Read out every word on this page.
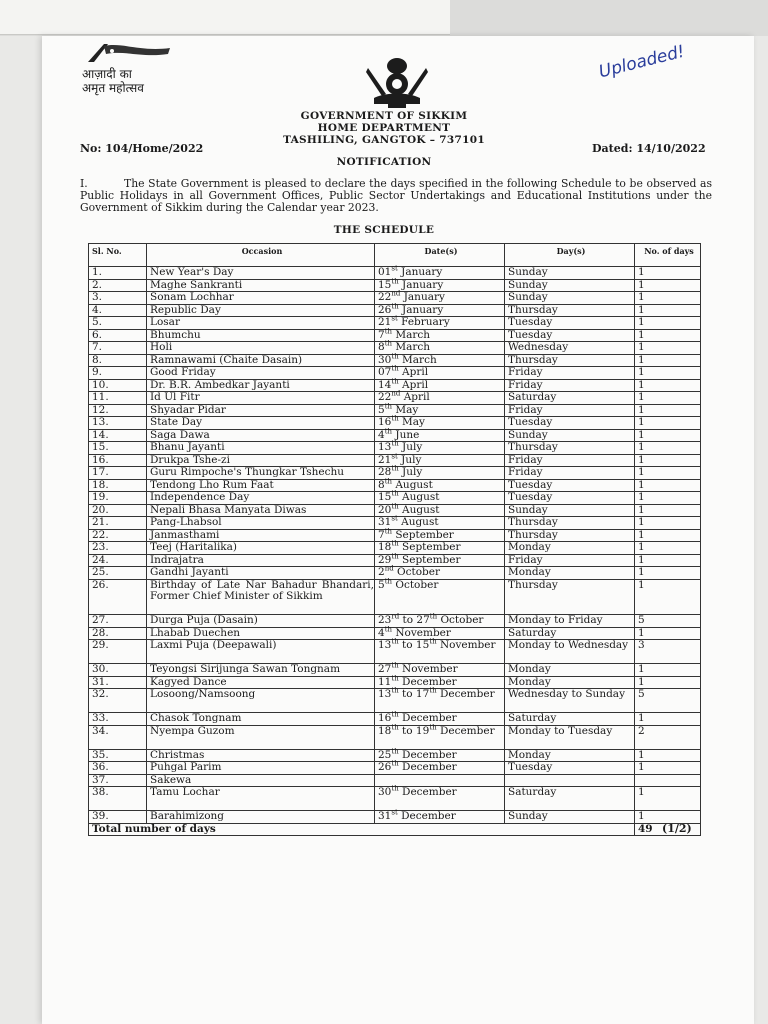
आज़ादी का
अमृत महोत्सव
Uploaded!
GOVERNMENT OF SIKKIM
HOME DEPARTMENT
TASHILING, GANGTOK – 737101
No: 104/Home/2022	Dated: 14/10/2022
NOTIFICATION
I.	The State Government is pleased to declare the days specified in the following Schedule to be observed as Public Holidays in all Government Offices, Public Sector Undertakings and Educational Institutions under the Government of Sikkim during the Calendar year 2023.
THE SCHEDULE
Sl. No.	Occasion	Date(s)	Day(s)	No. of days
1.	New Year's Day	01st January	Sunday	1
2.	Maghe Sankranti	15th January	Sunday	1
3.	Sonam Lochhar	22nd January	Sunday	1
4.	Republic Day	26th January	Thursday	1
5.	Losar	21st February	Tuesday	1
6.	Bhumchu	7th March	Tuesday	1
7.	Holi	8th March	Wednesday	1
8.	Ramnawami (Chaite Dasain)	30th March	Thursday	1
9.	Good Friday	07th April	Friday	1
10.	Dr. B.R. Ambedkar Jayanti	14th April	Friday	1
11.	Id Ul Fitr	22nd April	Saturday	1
12.	Shyadar Pidar	5th May	Friday	1
13.	State Day	16th May	Tuesday	1
14.	Saga Dawa	4th June	Sunday	1
15.	Bhanu Jayanti	13th July	Thursday	1
16.	Drukpa Tshe-zi	21st July	Friday	1
17.	Guru Rimpoche's Thungkar Tshechu	28th July	Friday	1
18.	Tendong Lho Rum Faat	8th August	Tuesday	1
19.	Independence Day	15th August	Tuesday	1
20.	Nepali Bhasa Manyata Diwas	20th August	Sunday	1
21.	Pang-Lhabsol	31st August	Thursday	1
22.	Janmasthami	7th September	Thursday	1
23.	Teej (Haritalika)	18th September	Monday	1
24.	Indrajatra	29th September	Friday	1
25.	Gandhi Jayanti	2nd October	Monday	1
26.	Birthday of Late Nar Bahadur Bhandari, Former Chief Minister of Sikkim	5th October	Thursday	1
27.	Durga Puja (Dasain)	23rd to 27th October	Monday to Friday	5
28.	Lhabab Duechen	4th November	Saturday	1
29.	Laxmi Puja (Deepawali)	13th to 15th November	Monday to Wednesday	3
30.	Teyongsi Sirijunga Sawan Tongnam	27th November	Monday	1
31.	Kagyed Dance	11th December	Monday	1
32.	Losoong/Namsoong	13th to 17th December	Wednesday to Sunday	5
33.	Chasok Tongnam	16th December	Saturday	1
34.	Nyempa Guzom	18th to 19th December	Monday to Tuesday	2
35.	Christmas	25th December	Monday	1
36.	Puhgal Parim	26th December	Tuesday	1
37.	Sakewa			
38.	Tamu Lochar	30th December	Saturday	1
39.	Barahimizong	31st December	Sunday	1
Total number of days				49 (1/2)
